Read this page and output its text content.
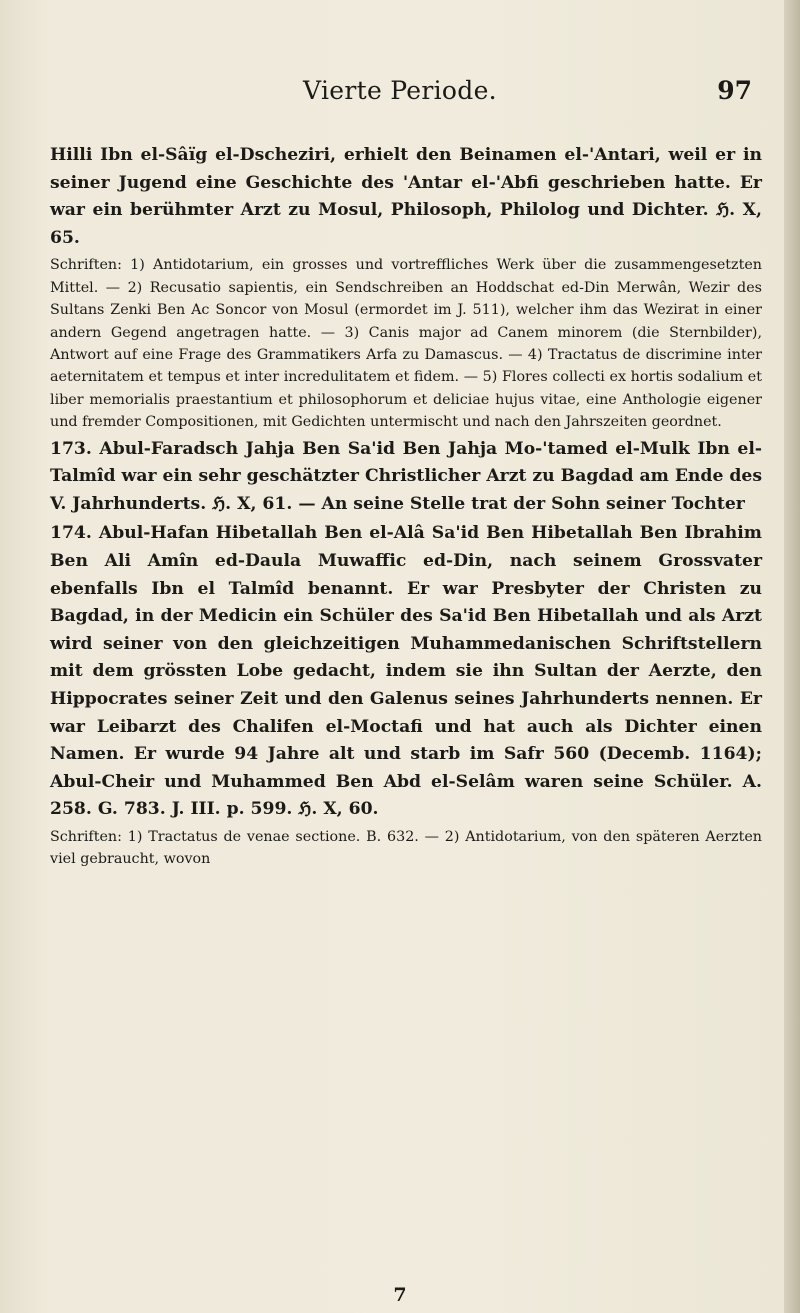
Vierte Periode.	97

Hilli Ibn el-Sâïg el-Dscheziri, erhielt den Beinamen el-'Antari, weil er in seiner Jugend eine Geschichte des 'Antar el-'Abfi geschrieben hatte. Er war ein berühmter Arzt zu Mosul, Philosoph, Philolog und Dichter. ℌ. X, 65.

Schriften: 1) Antidotarium, ein grosses und vortreffliches Werk über die zusammengesetzten Mittel. — 2) Recusatio sapientis, ein Sendschreiben an Hoddschat ed-Din Merwân, Wezir des Sultans Zenki Ben Ac Soncor von Mosul (ermordet im J. 511), welcher ihm das Wezirat in einer andern Gegend angetragen hatte. — 3) Canis major ad Canem minorem (die Sternbilder), Antwort auf eine Frage des Grammatikers Arfa zu Damascus. — 4) Tractatus de discrimine inter aeternitatem et tempus et inter incredulitatem et fidem. — 5) Flores collecti ex hortis sodalium et liber memorialis praestantium et philosophorum et deliciae hujus vitae, eine Anthologie eigener und fremder Compositionen, mit Gedichten untermischt und nach den Jahrszeiten geordnet.

173. Abul-Faradsch Jahja Ben Sa'id Ben Jahja Mo-'tamed el-Mulk Ibn el-Talmîd war ein sehr geschätzter Christlicher Arzt zu Bagdad am Ende des V. Jahrhunderts. ℌ. X, 61. — An seine Stelle trat der Sohn seiner Tochter

174. Abul-Hafan Hibetallah Ben el-Alâ Sa'id Ben Hibetallah Ben Ibrahim Ben Ali Amîn ed-Daula Muwaffic ed-Din, nach seinem Grossvater ebenfalls Ibn el Talmîd benannt. Er war Presbyter der Christen zu Bagdad, in der Medicin ein Schüler des Sa'id Ben Hibetallah und als Arzt wird seiner von den gleichzeitigen Muhammedanischen Schriftstellern mit dem grössten Lobe gedacht, indem sie ihn Sultan der Aerzte, den Hippocrates seiner Zeit und den Galenus seines Jahrhunderts nennen. Er war Leibarzt des Chalifen el-Moctafi und hat auch als Dichter einen Namen. Er wurde 94 Jahre alt und starb im Safr 560 (Decemb. 1164); Abul-Cheir und Muhammed Ben Abd el-Selâm waren seine Schüler. A. 258. G. 783. J. III. p. 599. ℌ. X, 60.

Schriften: 1) Tractatus de venae sectione. B. 632. — 2) Antidotarium, von den späteren Aerzten viel gebraucht, wovon

7
